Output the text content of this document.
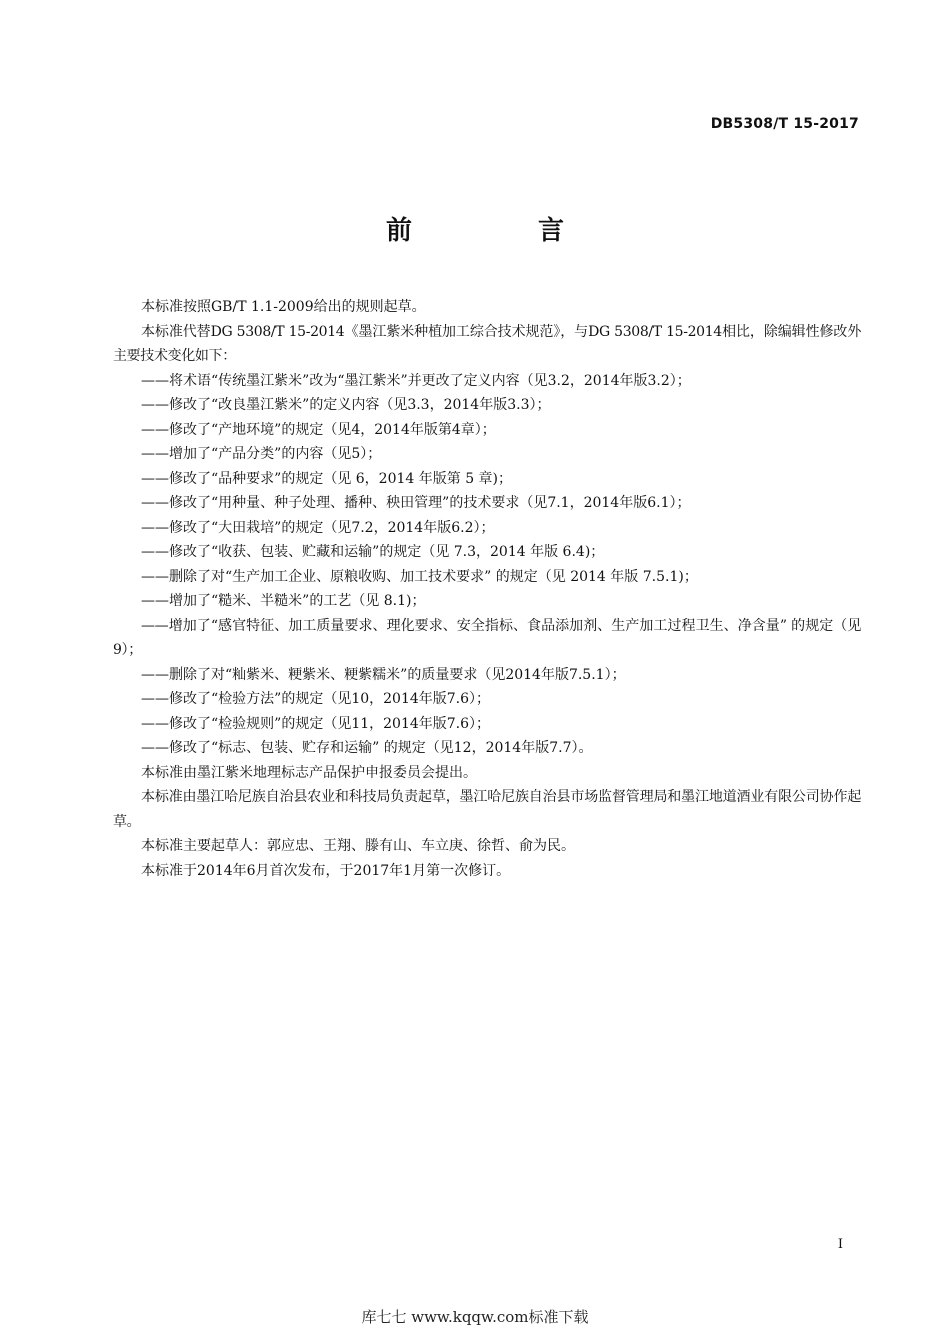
DB5308/T 15-2017
前　言

本标准按照GB/T 1.1-2009给出的规则起草。

本标准代替DG 5308/T 15-2014《墨江紫米种植加工综合技术规范》，与DG 5308/T 15-2014相比，除编辑性修改外主要技术变化如下：

——将术语“传统墨江紫米”改为“墨江紫米”并更改了定义内容（见3.2，2014年版3.2）；

——修改了“改良墨江紫米”的定义内容（见3.3，2014年版3.3）；

——修改了“产地环境”的规定（见4，2014年版第4章）；

——增加了“产品分类”的内容（见5）；

——修改了“品种要求”的规定（见 6，2014 年版第 5 章)；

——修改了“用种量、种子处理、播种、秧田管理”的技术要求（见7.1，2014年版6.1）；

——修改了“大田栽培”的规定（见7.2，2014年版6.2）；

——修改了“收获、包装、贮藏和运输”的规定（见 7.3，2014 年版 6.4)；

——删除了对“生产加工企业、原粮收购、加工技术要求” 的规定（见 2014 年版 7.5.1)；

——增加了“糙米、半糙米”的工艺（见 8.1)；

——增加了“感官特征、加工质量要求、理化要求、安全指标、食品添加剂、生产加工过程卫生、净含量” 的规定（见9）；

——删除了对“籼紫米、粳紫米、粳紫糯米”的质量要求（见2014年版7.5.1）；

——修改了“检验方法”的规定（见10，2014年版7.6）；

——修改了“检验规则”的规定（见11，2014年版7.6）；

——修改了“标志、包装、贮存和运输” 的规定（见12，2014年版7.7）。

本标准由墨江紫米地理标志产品保护申报委员会提出。

本标准由墨江哈尼族自治县农业和科技局负责起草，墨江哈尼族自治县市场监督管理局和墨江地道酒业有限公司协作起草。

本标准主要起草人：郭应忠、王翔、滕有山、车立庚、徐哲、俞为民。

本标准于2014年6月首次发布，于2017年1月第一次修订。

I
库七七 www.kqqw.com标准下载
